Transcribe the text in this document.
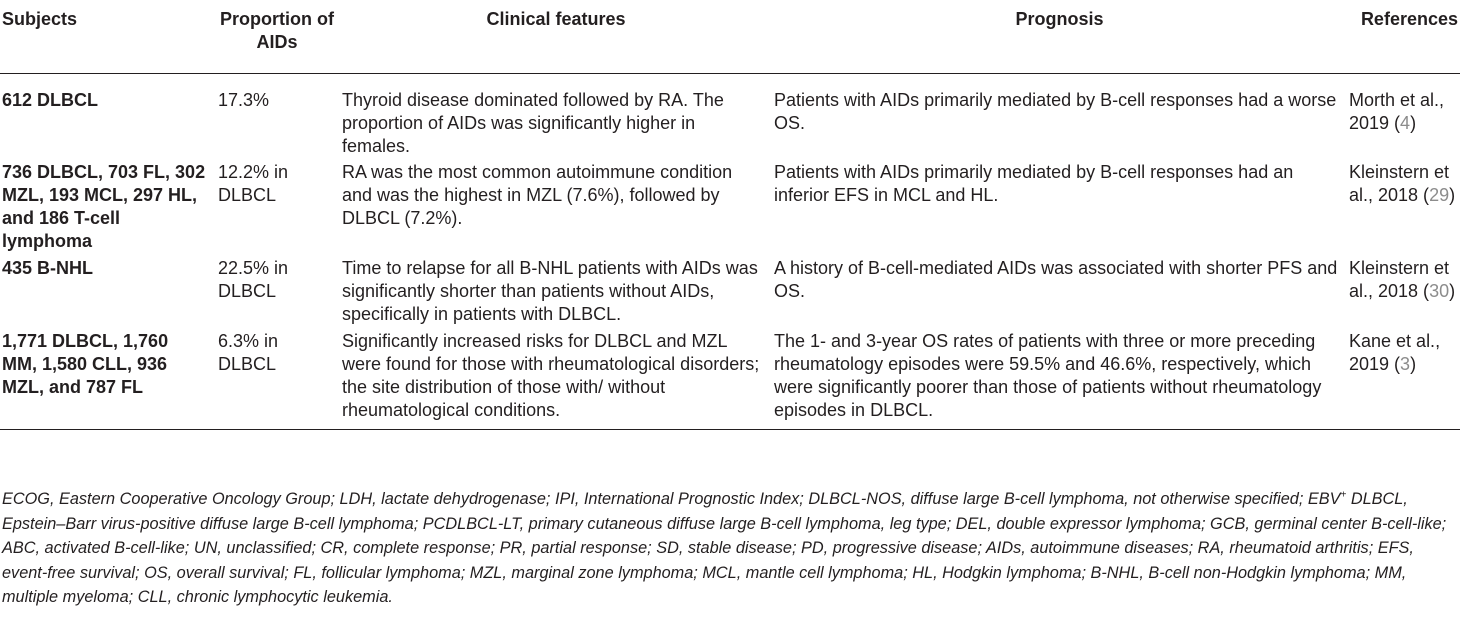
Subjects	Proportion of AIDs	Clinical features	Prognosis	References
612 DLBCL	17.3%	Thyroid disease dominated followed by RA. The proportion of AIDs was significantly higher in females.	Patients with AIDs primarily mediated by B-cell responses had a worse OS.	Morth et al., 2019 (4)
736 DLBCL, 703 FL, 302 MZL, 193 MCL, 297 HL, and 186 T-cell lymphoma	12.2% in DLBCL	RA was the most common autoimmune condition and was the highest in MZL (7.6%), followed by DLBCL (7.2%).	Patients with AIDs primarily mediated by B-cell responses had an inferior EFS in MCL and HL.	Kleinstern et al., 2018 (29)
435 B-NHL	22.5% in DLBCL	Time to relapse for all B-NHL patients with AIDs was significantly shorter than patients without AIDs, specifically in patients with DLBCL.	A history of B-cell-mediated AIDs was associated with shorter PFS and OS.	Kleinstern et al., 2018 (30)
1,771 DLBCL, 1,760 MM, 1,580 CLL, 936 MZL, and 787 FL	6.3% in DLBCL	Significantly increased risks for DLBCL and MZL were found for those with rheumatological disorders; the site distribution of those with/ without rheumatological conditions.	The 1- and 3-year OS rates of patients with three or more preceding rheumatology episodes were 59.5% and 46.6%, respectively, which were significantly poorer than those of patients without rheumatology episodes in DLBCL.	Kane et al., 2019 (3)

ECOG, Eastern Cooperative Oncology Group; LDH, lactate dehydrogenase; IPI, International Prognostic Index; DLBCL-NOS, diffuse large B-cell lymphoma, not otherwise specified; EBV+ DLBCL, Epstein–Barr virus-positive diffuse large B-cell lymphoma; PCDLBCL-LT, primary cutaneous diffuse large B-cell lymphoma, leg type; DEL, double expressor lymphoma; GCB, germinal center B-cell-like; ABC, activated B-cell-like; UN, unclassified; CR, complete response; PR, partial response; SD, stable disease; PD, progressive disease; AIDs, autoimmune diseases; RA, rheumatoid arthritis; EFS, event-free survival; OS, overall survival; FL, follicular lymphoma; MZL, marginal zone lymphoma; MCL, mantle cell lymphoma; HL, Hodgkin lymphoma; B-NHL, B-cell non-Hodgkin lymphoma; MM, multiple myeloma; CLL, chronic lymphocytic leukemia.
